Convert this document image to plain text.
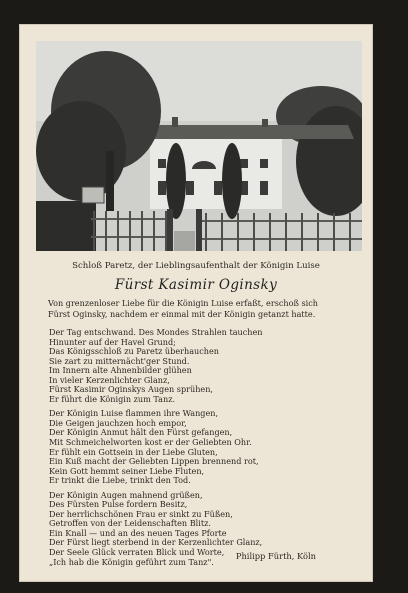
Schloß Paretz, der Lieblingsaufenthalt der Königin Luise
Fürst Kasimir Oginsky
Von grenzenloser Liebe für die Königin Luise erfaßt, erschoß sich
Fürst Oginsky, nachdem er einmal mit der Königin getanzt hatte.
Der Tag entschwand. Des Mondes Strahlen tauchen
Hinunter auf der Havel Grund;
Das Königsschloß zu Paretz überhauchen
Sie zart zu mitternächt'ger Stund.
Im Innern alte Ahnenbilder glühen
In vieler Kerzenlichter Glanz,
Fürst Kasimir Oginskys Augen sprühen,
Er führt die Königin zum Tanz.
Der Königin Luise flammen ihre Wangen,
Die Geigen jauchzen hoch empor,
Der Königin Anmut hält den Fürst gefangen,
Mit Schmeichelworten kost er der Geliebten Ohr.
Er fühlt ein Gottsein in der Liebe Gluten,
Ein Kuß macht der Geliebten Lippen brennend rot,
Kein Gott hemmt seiner Liebe Fluten,
Er trinkt die Liebe, trinkt den Tod.
Der Königin Augen mahnend grüßen,
Des Fürsten Pulse fordern Besitz,
Der herrlichschönen Frau er sinkt zu Füßen,
Getroffen von der Leidenschaften Blitz.
Ein Knall — und an des neuen Tages Pforte
Der Fürst liegt sterbend in der Kerzenlichter Glanz,
Der Seele Glück verraten Blick und Worte,
„Ich hab die Königin geführt zum Tanz".
Philipp Fürth, Köln
